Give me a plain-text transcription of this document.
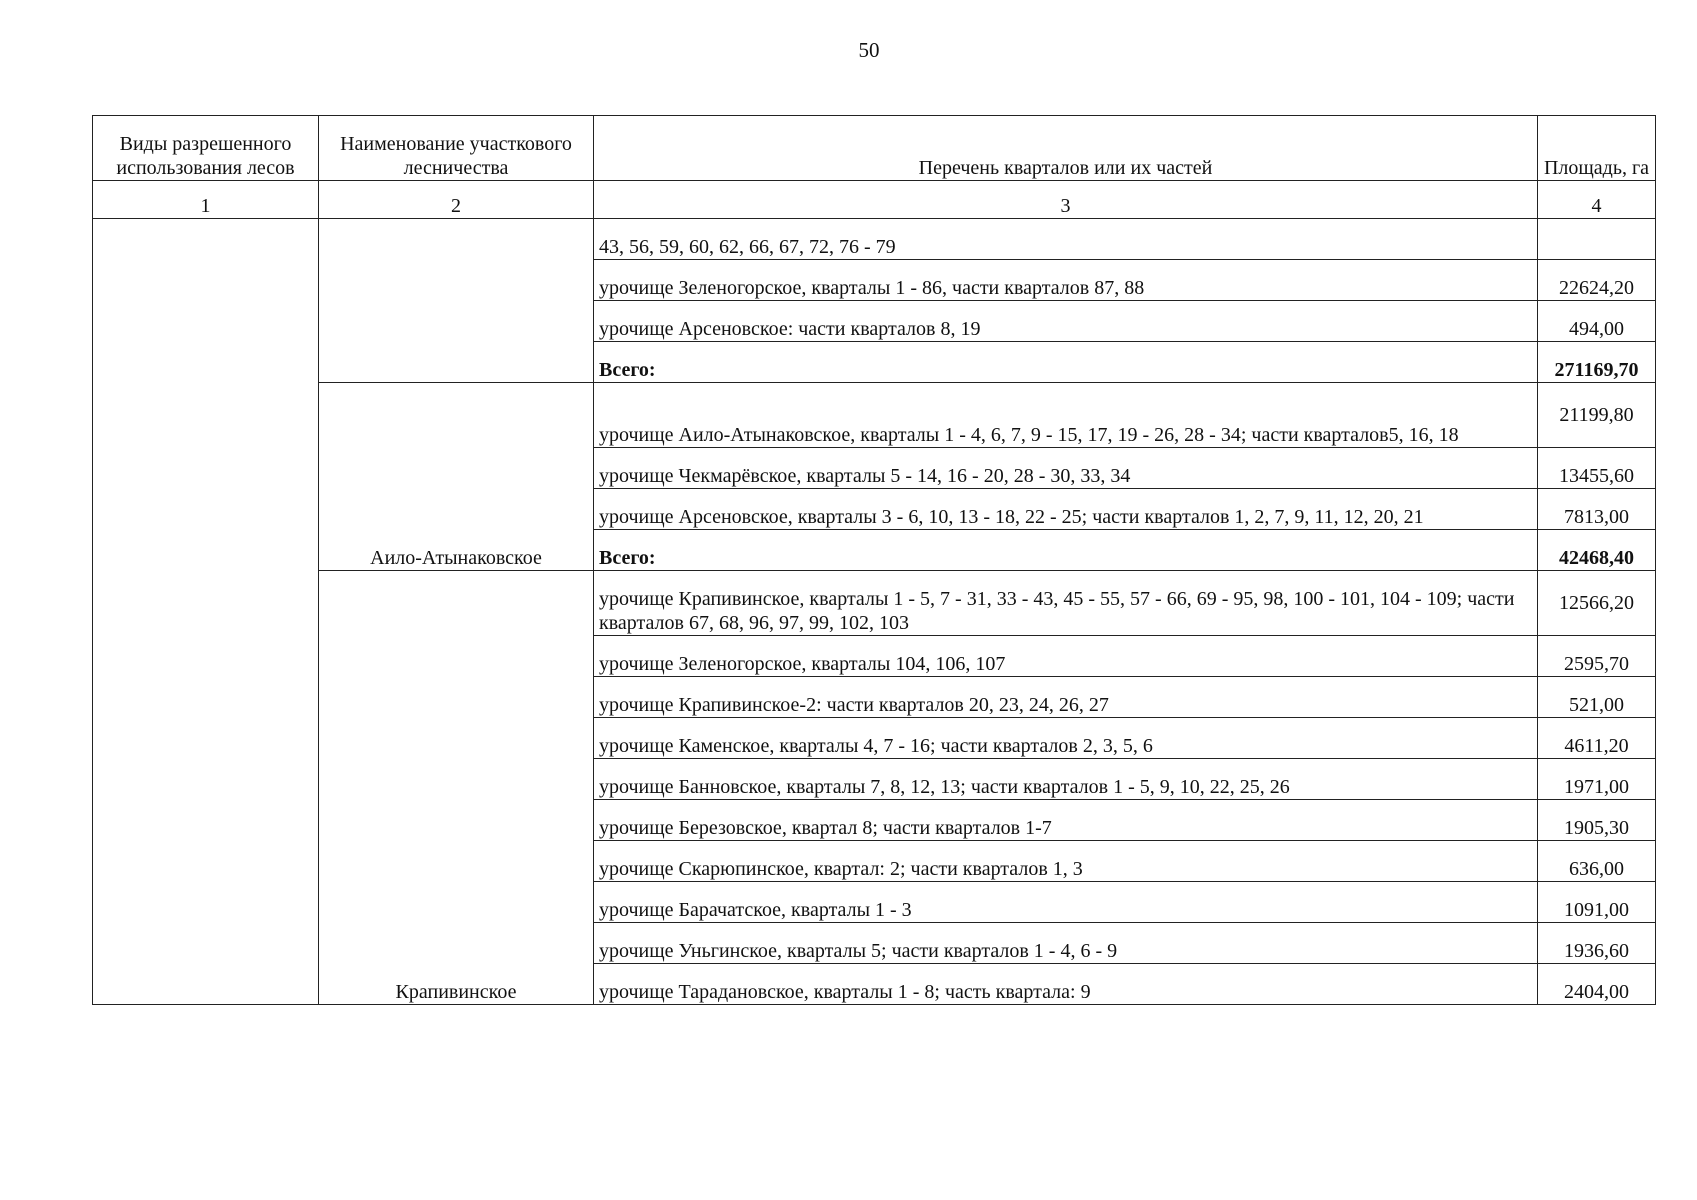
50
Виды разрешенного использования лесов	Наименование участкового лесничества	Перечень кварталов или их частей	Площадь, га
1	2	3	4
		43, 56, 59, 60, 62, 66, 67, 72, 76 - 79	
		урочище Зеленогорское, кварталы 1 - 86, части кварталов 87, 88	22624,20
		урочище Арсеновское: части кварталов 8, 19	494,00
		Всего:	271169,70
	Аило-Атынаковское	урочище Аило-Атынаковское, кварталы 1 - 4, 6, 7, 9 - 15, 17, 19 - 26, 28 - 34; части кварталов5, 16, 18	21199,80
		урочище Чекмарёвское, кварталы 5 - 14, 16 - 20, 28 - 30, 33, 34	13455,60
		урочище Арсеновское, кварталы 3 - 6, 10, 13 - 18, 22 - 25; части кварталов 1, 2, 7, 9, 11, 12, 20, 21	7813,00
		Всего:	42468,40
	Крапивинское	урочище Крапивинское, кварталы 1 - 5, 7 - 31, 33 - 43, 45 - 55, 57 - 66, 69 - 95, 98, 100 - 101, 104 - 109; части кварталов 67, 68, 96, 97, 99, 102, 103	12566,20
		урочище Зеленогорское, кварталы 104, 106, 107	2595,70
		урочище Крапивинское-2: части кварталов 20, 23, 24, 26, 27	521,00
		урочище Каменское, кварталы 4, 7 - 16; части кварталов 2, 3, 5, 6	4611,20
		урочище Банновское, кварталы 7, 8, 12, 13; части кварталов 1 - 5, 9, 10, 22, 25, 26	1971,00
		урочище Березовское, квартал 8; части кварталов 1-7	1905,30
		урочище Скарюпинское, квартал: 2; части кварталов 1, 3	636,00
		урочище Барачатское, кварталы 1 - 3	1091,00
		урочище Уньгинское, кварталы 5; части кварталов 1 - 4, 6 - 9	1936,60
		урочище Тарадановское, кварталы 1 - 8; часть квартала: 9	2404,00
